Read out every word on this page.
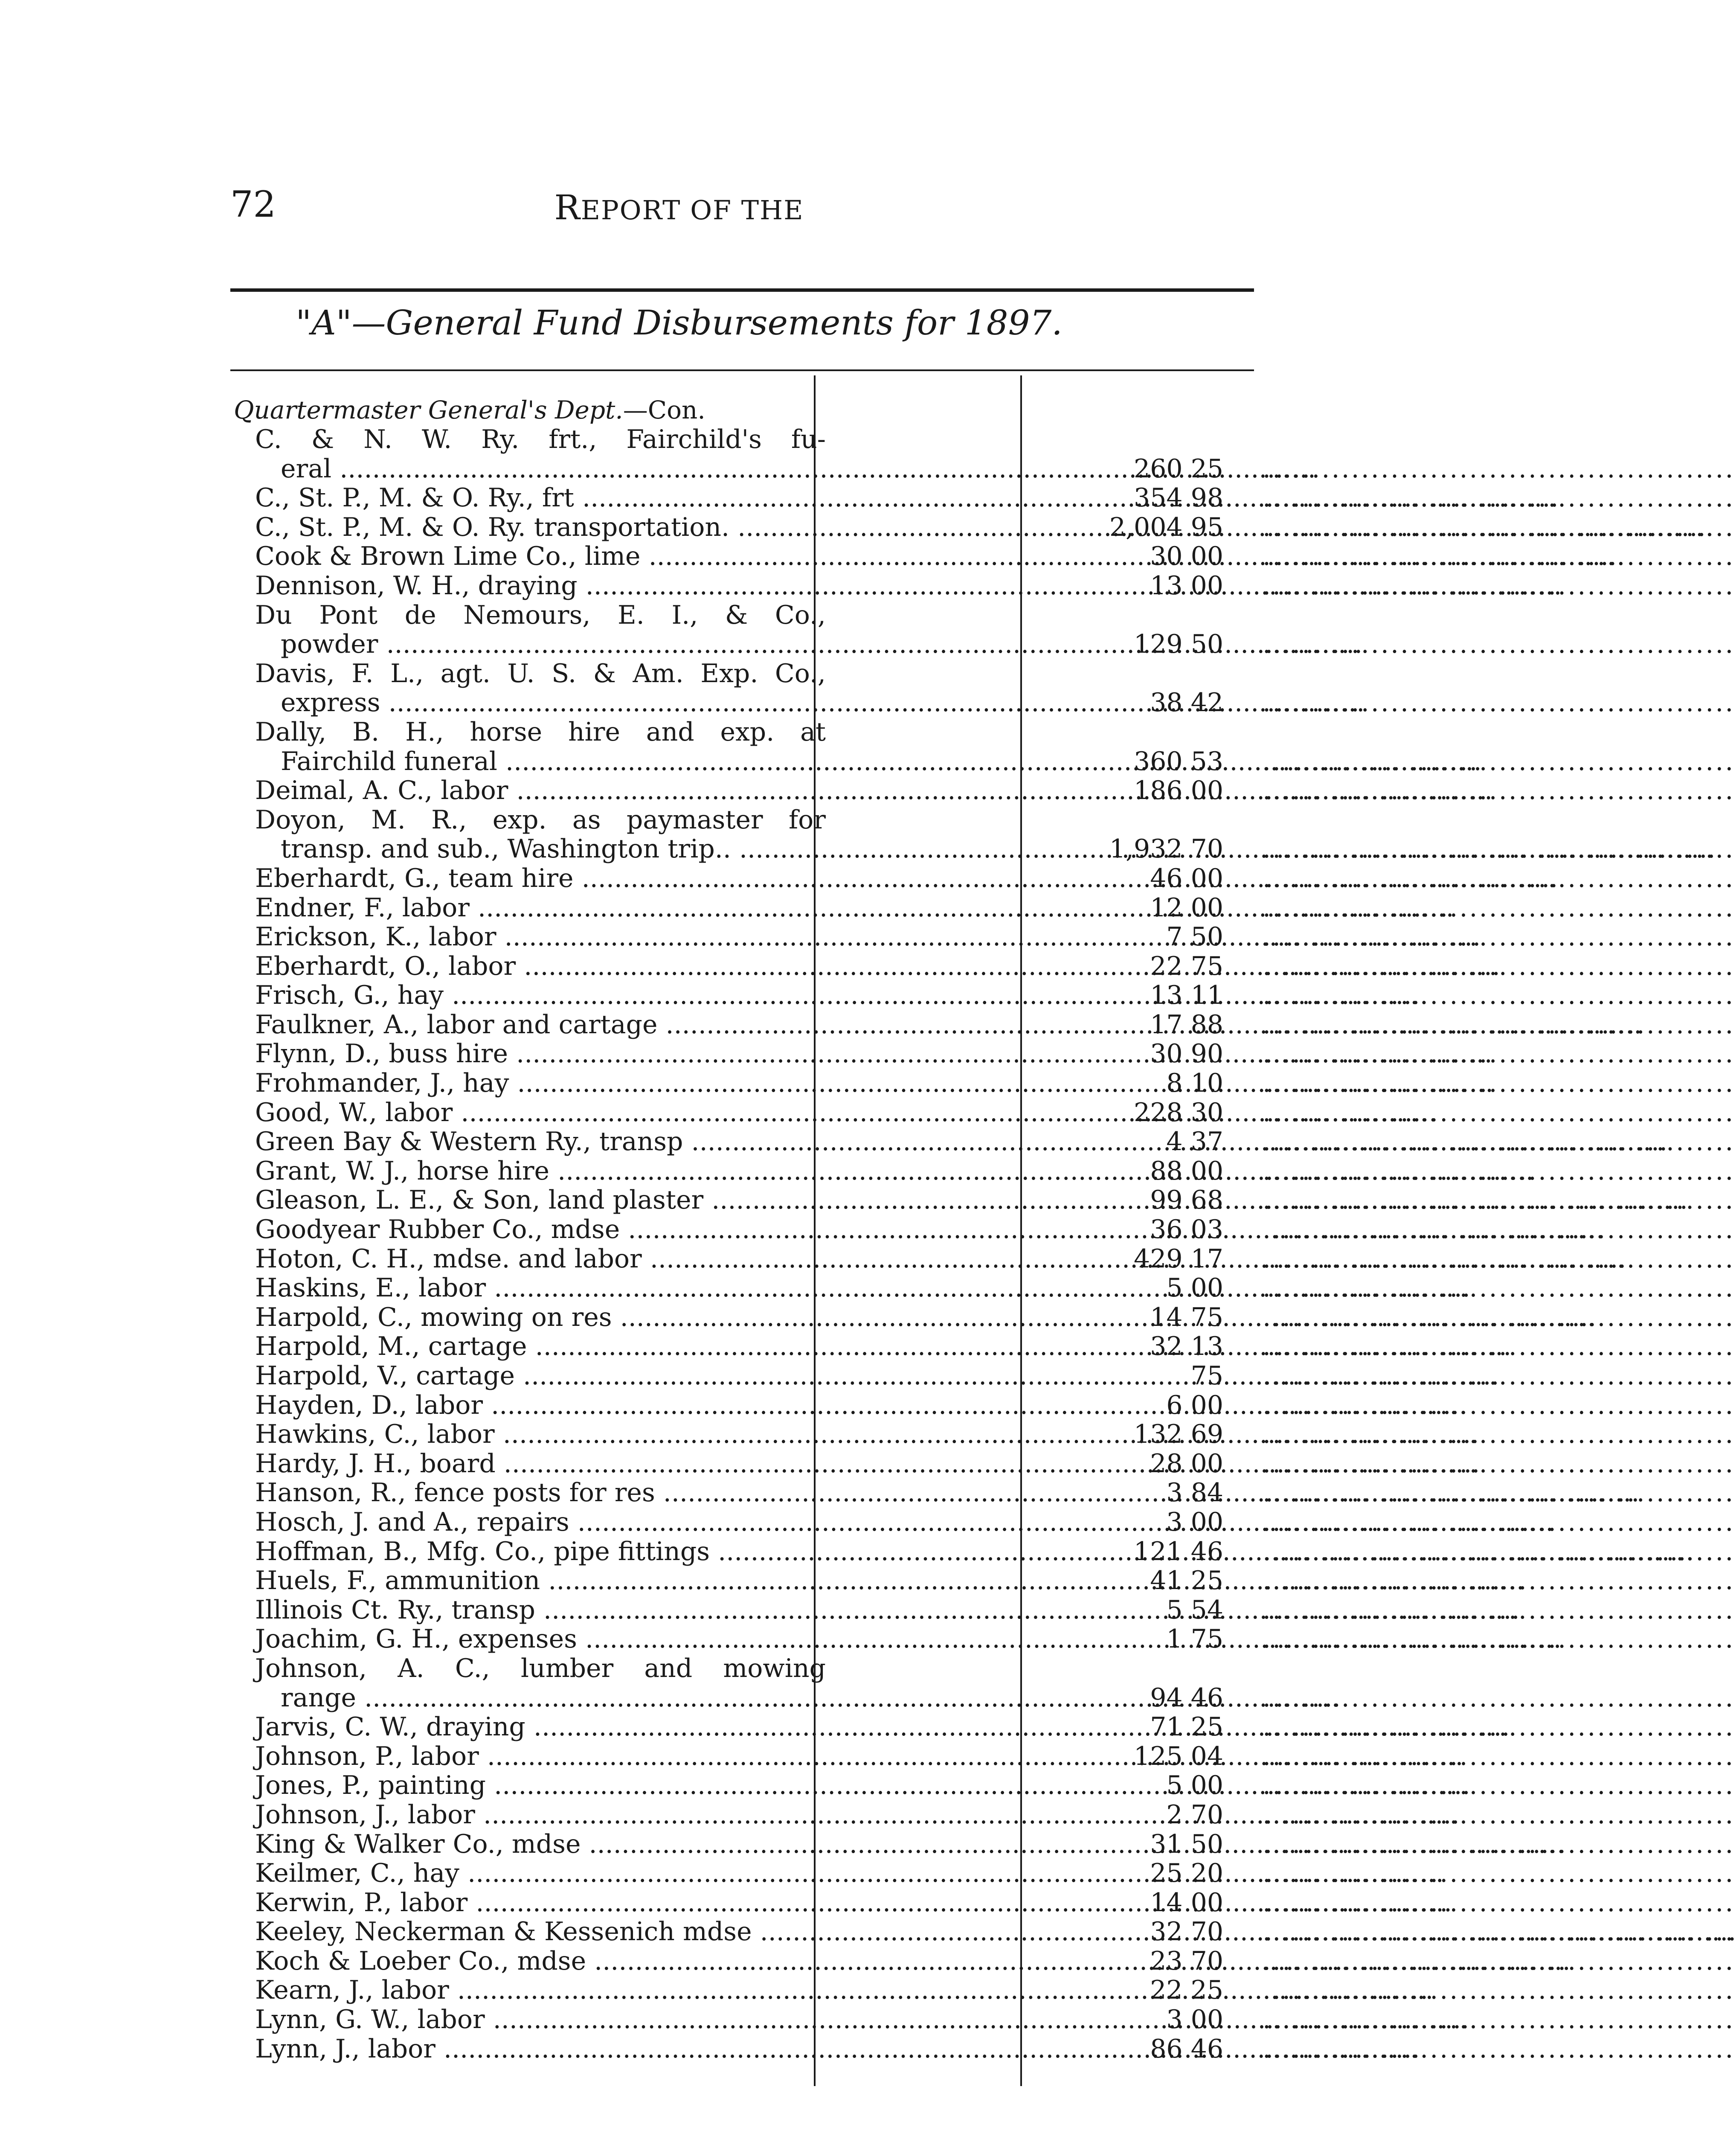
72	REPORT OF THE
"A"—General Fund Disbursements for 1897.
Quartermaster General's Dept.—Con.
C. & N. W. Ry. frt., Fairchild's fu-
eral .....	260 25 ................................................
C., St. P., M. & O. Ry., frt .....	354 98 ................................................
C., St. P., M. & O. Ry. transportation. .....	2,004 95 ................................................
Cook & Brown Lime Co., lime .....	30 00 ................................................
Dennison, W. H., draying .....	13 00 ................................................
Du Pont de Nemours, E. I., & Co.,
powder .....	129 50 ................................................
Davis, F. L., agt. U. S. & Am. Exp. Co.,
express .....	38 42 ................................................
Dally, B. H., horse hire and exp. at
Fairchild funeral .....	360 53 ................................................
Deimal, A. C., labor .....	186 00 ................................................
Doyon, M. R., exp. as paymaster for
transp. and sub., Washington trip.. .....	1,932 70 ................................................
Eberhardt, G., team hire .....	46 00 ................................................
Endner, F., labor .....	12 00 ................................................
Erickson, K., labor .....	7 50 ................................................
Eberhardt, O., labor .....	22 75 ................................................
Frisch, G., hay .....	13 11 ................................................
Faulkner, A., labor and cartage .....	17 88 ................................................
Flynn, D., buss hire .....	30 90 ................................................
Frohmander, J., hay .....	8 10 ................................................
Good, W., labor .....	228 30 ................................................
Green Bay & Western Ry., transp .....	4 37 ................................................
Grant, W. J., horse hire .....	88 00 ................................................
Gleason, L. E., & Son, land plaster .....	99 68 ................................................
Goodyear Rubber Co., mdse .....	36 03 ................................................
Hoton, C. H., mdse. and labor .....	429 17 ................................................
Haskins, E., labor .....	5 00 ................................................
Harpold, C., mowing on res .....	14 75 ................................................
Harpold, M., cartage .....	32 13 ................................................
Harpold, V., cartage .....	75 ................................................
Hayden, D., labor .....	6 00 ................................................
Hawkins, C., labor .....	132 69 ................................................
Hardy, J. H., board .....	28 00 ................................................
Hanson, R., fence posts for res .....	3 84 ................................................
Hosch, J. and A., repairs .....	3 00 ................................................
Hoffman, B., Mfg. Co., pipe fittings .....	121 46 ................................................
Huels, F., ammunition .....	41 25 ................................................
Illinois Ct. Ry., transp .....	5 54 ................................................
Joachim, G. H., expenses .....	1 75 ................................................
Johnson, A. C., lumber and mowing
range .....	94 46 ................................................
Jarvis, C. W., draying .....	71 25 ................................................
Johnson, P., labor .....	125 04 ................................................
Jones, P., painting .....	5 00 ................................................
Johnson, J., labor .....	2 70 ................................................
King & Walker Co., mdse .....	31 50 ................................................
Keilmer, C., hay .....	25 20 ................................................
Kerwin, P., labor .....	14 00 ................................................
Keeley, Neckerman & Kessenich mdse .....	32 70 ................................................
Koch & Loeber Co., mdse .....	23 70 ................................................
Kearn, J., labor .....	22 25 ................................................
Lynn, G. W., labor .....	3 00 ................................................
Lynn, J., labor .....	86 46 ................................................
